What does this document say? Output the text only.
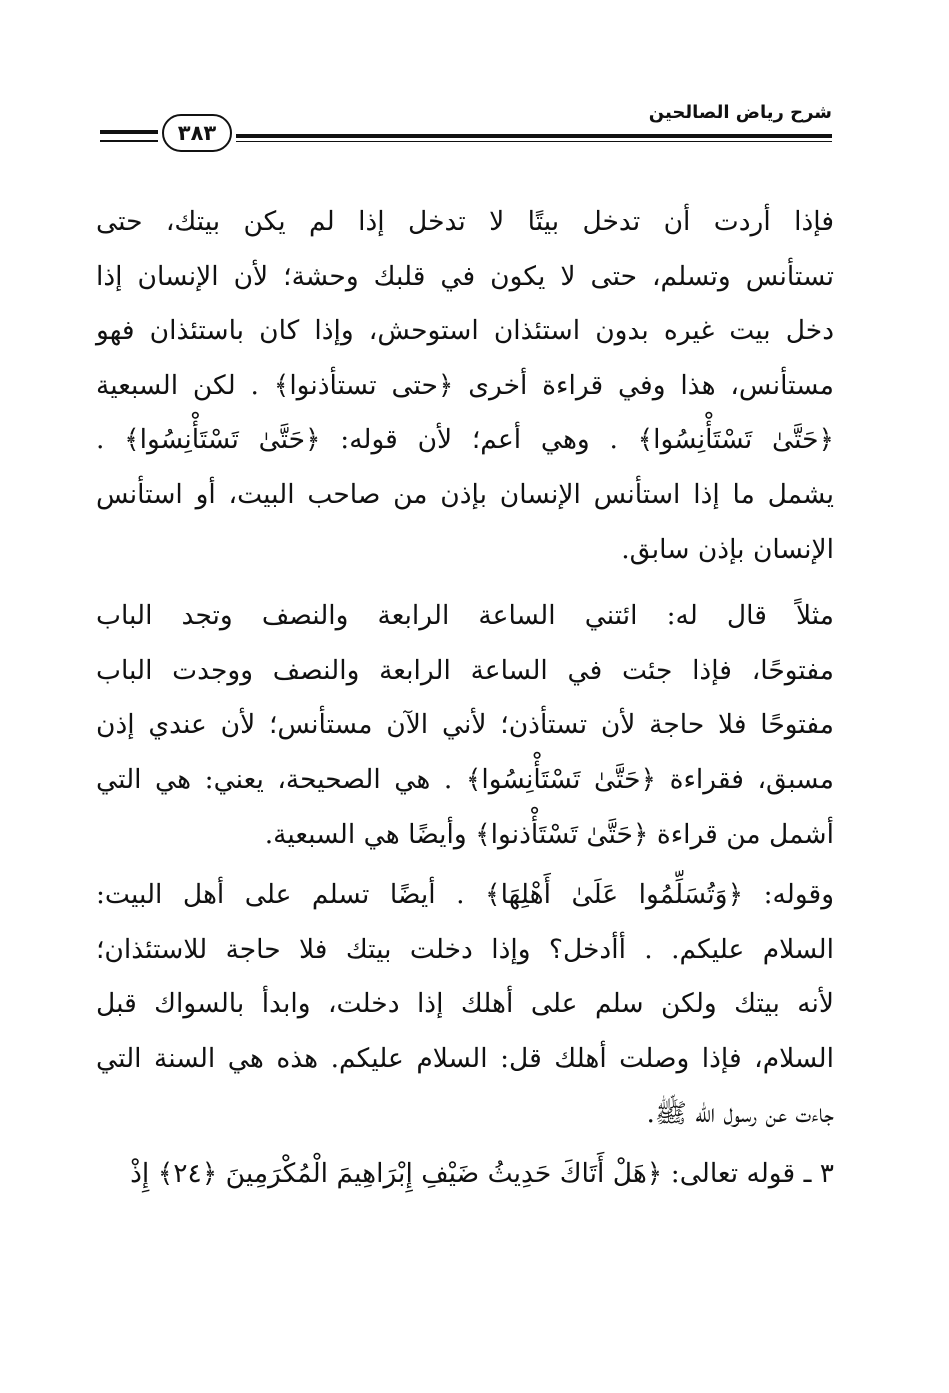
٣٨٣
شرح رياض الصالحين
فإذا أردت أن تدخل بيتًا لا تدخل إذا لم يكن بيتك، حتى
تستأنس وتسلم، حتى لا يكون في قلبك وحشة؛ لأن الإنسان إذا
دخل بيت غيره بدون استئذان استوحش، وإذا كان باستئذان فهو
مستأنس، هذا وفي قراءة أخرى ﴿حتى تستأذنوا﴾ . لكن السبعية
﴿حَتَّىٰ تَسْتَأْنِسُوا﴾ . وهي أعم؛ لأن قوله: ﴿حَتَّىٰ تَسْتَأْنِسُوا﴾ .
يشمل ما إذا استأنس الإنسان بإذن من صاحب البيت، أو استأنس
الإنسان بإذن سابق.
مثلاً قال له: ائتني الساعة الرابعة والنصف وتجد الباب
مفتوحًا، فإذا جئت في الساعة الرابعة والنصف ووجدت الباب
مفتوحًا فلا حاجة لأن تستأذن؛ لأني الآن مستأنس؛ لأن عندي إذن
مسبق، فقراءة ﴿حَتَّىٰ تَسْتَأْنِسُوا﴾ . هي الصحيحة، يعني: هي التي
أشمل من قراءة ﴿حَتَّىٰ تَسْتَأْذنوا﴾ وأيضًا هي السبعية.
وقوله: ﴿وَتُسَلِّمُوا عَلَىٰ أَهْلِهَا﴾ . أيضًا تسلم على أهل البيت:
السلام عليكم. . أأدخل؟ وإذا دخلت بيتك فلا حاجة للاستئذان؛
لأنه بيتك ولكن سلم على أهلك إذا دخلت، وابدأ بالسواك قبل
السلام، فإذا وصلت أهلك قل: السلام عليكم. هذه هي السنة التي
جاءت عن رسول الله ﷺ.
٣ ـ قوله تعالى: ﴿هَلْ أَتَاكَ حَدِيثُ ضَيْفِ إِبْرَاهِيمَ الْمُكْرَمِينَ ﴿٢٤﴾ إِذْ
